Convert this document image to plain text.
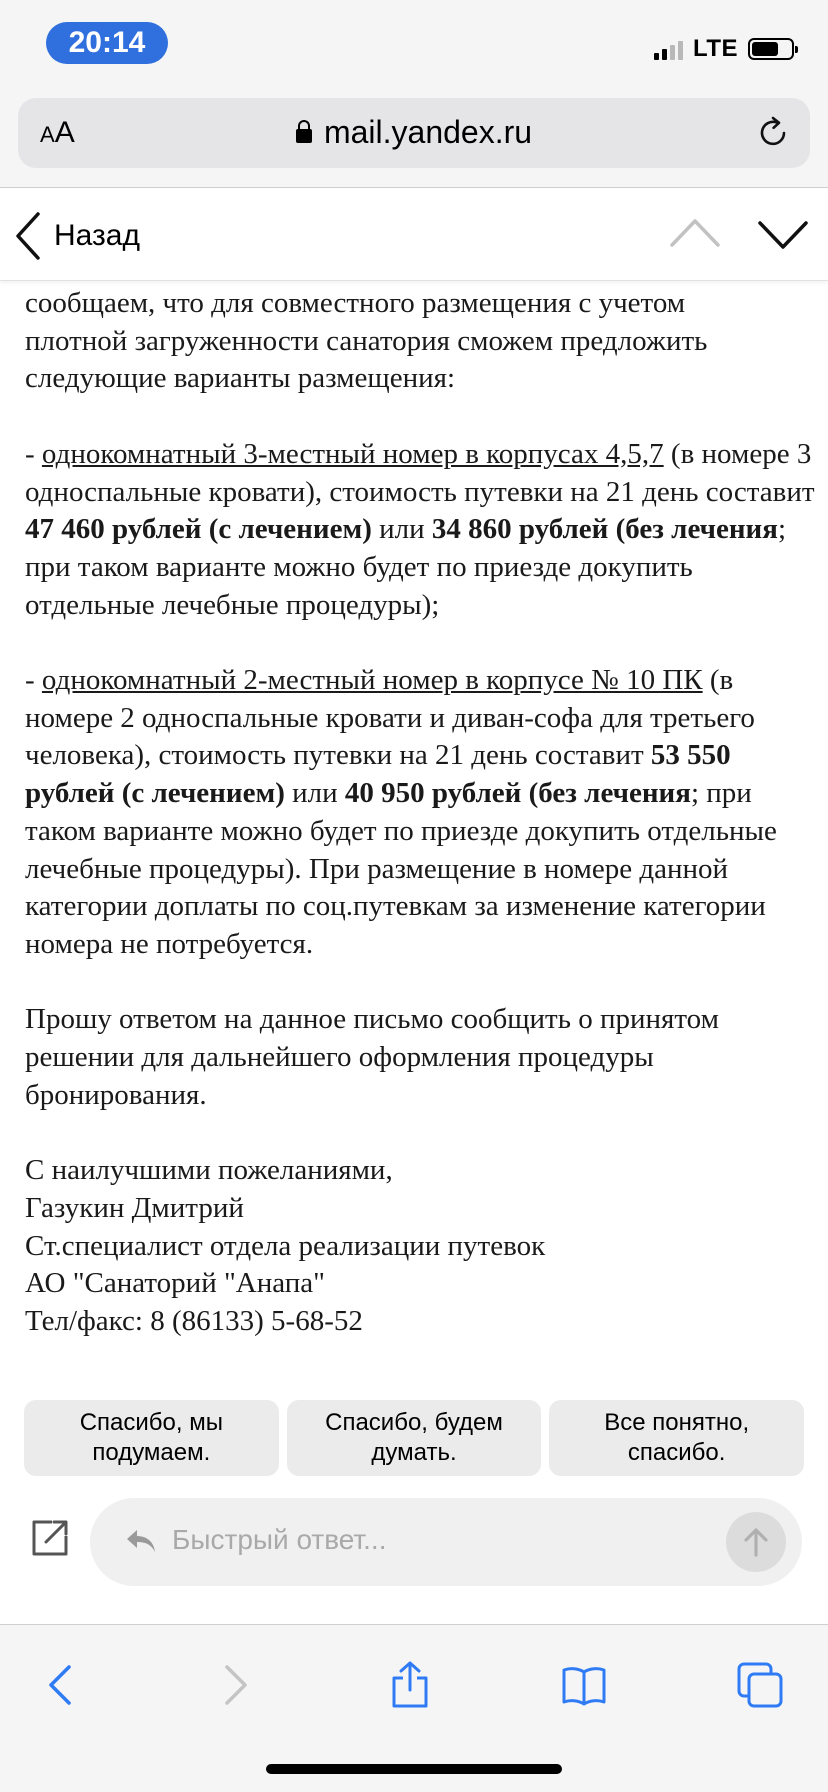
20:14	LTE
AA	mail.yandex.ru
Назад

сообщаем, что для совместного размещения с учетом

плотной загруженности санатория сможем предложить

следующие варианты размещения:

- однокомнатный 3-местный номер в корпусах 4,5,7 (в номере 3 односпальные кровати), стоимость путевки на 21 день составит 47 460 рублей (с лечением) или 34 860 рублей (без лечения; при таком варианте можно будет по приезде докупить отдельные лечебные процедуры);

- однокомнатный 2-местный номер в корпусе № 10 ПК (в номере 2 односпальные кровати и диван-софа для третьего человека), стоимость путевки на 21 день составит 53 550 рублей (с лечением) или 40 950 рублей (без лечения; при таком варианте можно будет по приезде докупить отдельные лечебные процедуры). При размещение в номере данной категории доплаты по соц.путевкам за изменение категории номера не потребуется.

Прошу ответом на данное письмо сообщить о принятом решении для дальнейшего оформления процедуры бронирования.

С наилучшими пожеланиями,

Газукин Дмитрий

Ст.специалист отдела реализации путевок

АО "Санаторий "Анапа"

Тел/факс: 8 (86133) 5-68-52

Спасибо, мы
подумаем.
Спасибо, будем
думать.
Все понятно,
спасибо.
Быстрый ответ...
